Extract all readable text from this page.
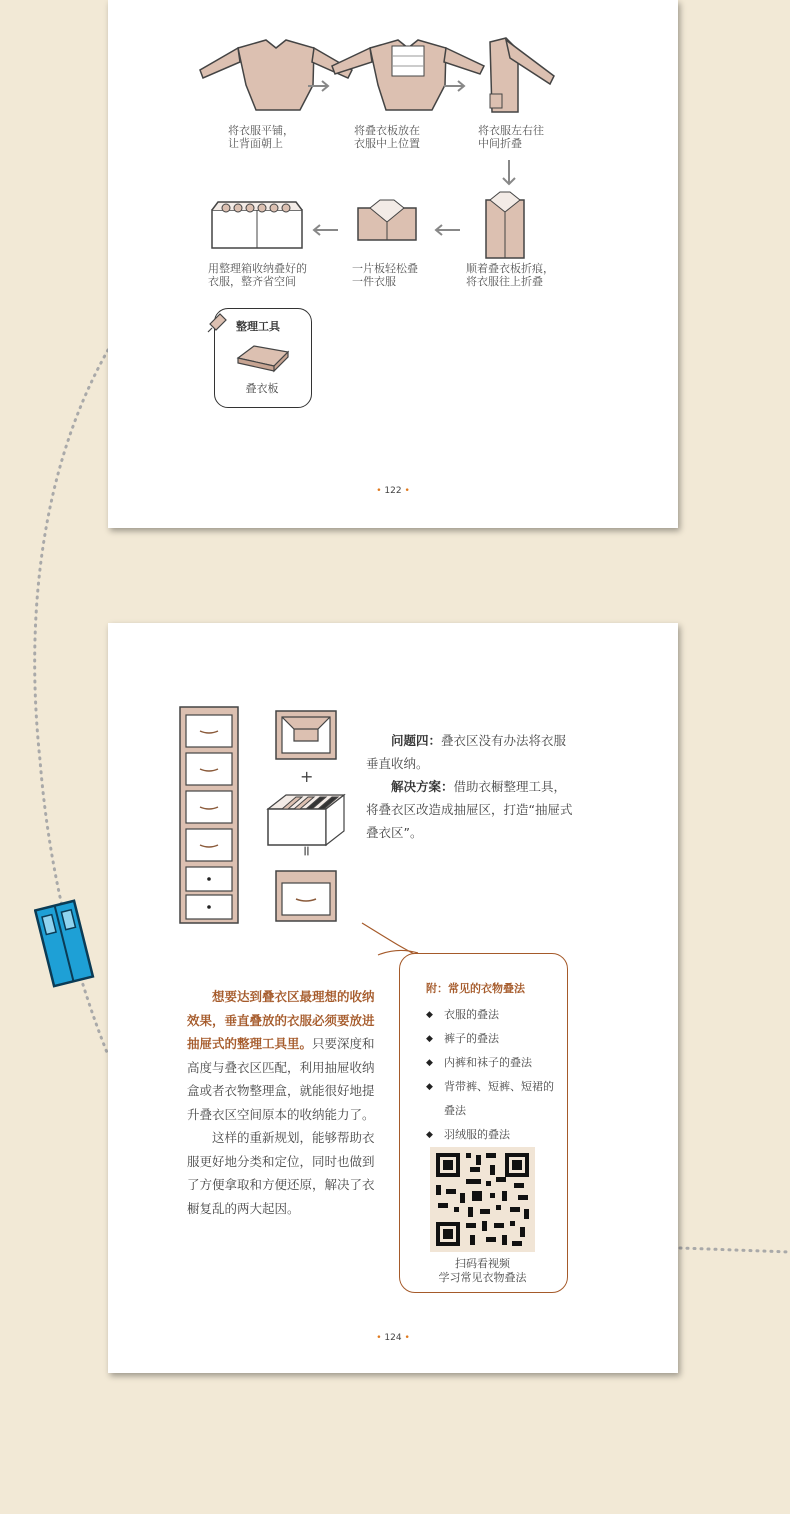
将衣服平铺，
让背面朝上
将叠衣板放在
衣服中上位置
将衣服左右往
中间折叠
顺着叠衣板折痕，
将衣服往上折叠
一片板轻松叠
一件衣服
用整理箱收纳叠好的
衣服，整齐省空间
整理工具
叠衣板
• 122 •
+
=
问题四：叠衣区没有办法将衣服垂直收纳。
解决方案：借助衣橱整理工具，将叠衣区改造成抽屉区，打造“抽屉式叠衣区”。
想要达到叠衣区最理想的收纳效果，垂直叠放的衣服必须要放进抽屉式的整理工具里。只要深度和高度与叠衣区匹配，利用抽屉收纳盒或者衣物整理盒，就能很好地提升叠衣区空间原本的收纳能力了。
这样的重新规划，能够帮助衣服更好地分类和定位，同时也做到了方便拿取和方便还原，解决了衣橱复乱的两大起因。
附：常见的衣物叠法
◆ 衣服的叠法
◆ 裤子的叠法
◆ 内裤和袜子的叠法
◆ 背带裤、短裤、短裙的叠法
◆ 羽绒服的叠法
扫码看视频
学习常见衣物叠法
• 124 •
